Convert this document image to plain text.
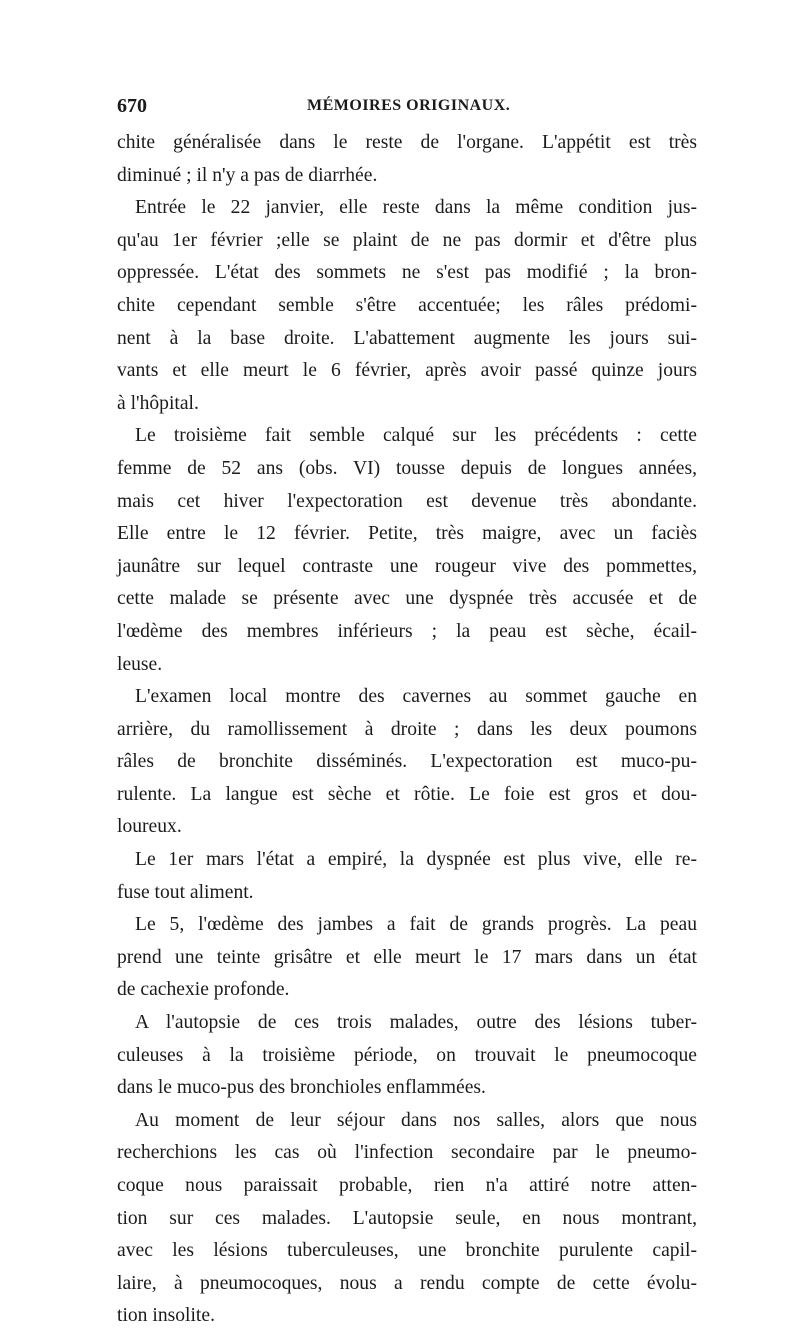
670	MÉMOIRES ORIGINAUX.
chite généralisée dans le reste de l'organe. L'appétit est très
diminué ; il n'y a pas de diarrhée.
Entrée le 22 janvier, elle reste dans la même condition jus-
qu'au 1er février ;elle se plaint de ne pas dormir et d'être plus
oppressée. L'état des sommets ne s'est pas modifié ; la bron-
chite cependant semble s'être accentuée; les râles prédomi-
nent à la base droite. L'abattement augmente les jours sui-
vants et elle meurt le 6 février, après avoir passé quinze jours
à l'hôpital.
Le troisième fait semble calqué sur les précédents : cette
femme de 52 ans (obs. VI) tousse depuis de longues années,
mais cet hiver l'expectoration est devenue très abondante.
Elle entre le 12 février. Petite, très maigre, avec un faciès
jaunâtre sur lequel contraste une rougeur vive des pommettes,
cette malade se présente avec une dyspnée très accusée et de
l'œdème des membres inférieurs ; la peau est sèche, écail-
leuse.
L'examen local montre des cavernes au sommet gauche en
arrière, du ramollissement à droite ; dans les deux poumons
râles de bronchite disséminés. L'expectoration est muco-pu-
rulente. La langue est sèche et rôtie. Le foie est gros et dou-
loureux.
Le 1er mars l'état a empiré, la dyspnée est plus vive, elle re-
fuse tout aliment.
Le 5, l'œdème des jambes a fait de grands progrès. La peau
prend une teinte grisâtre et elle meurt le 17 mars dans un état
de cachexie profonde.
A l'autopsie de ces trois malades, outre des lésions tuber-
culeuses à la troisième période, on trouvait le pneumocoque
dans le muco-pus des bronchioles enflammées.
Au moment de leur séjour dans nos salles, alors que nous
recherchions les cas où l'infection secondaire par le pneumo-
coque nous paraissait probable, rien n'a attiré notre atten-
tion sur ces malades. L'autopsie seule, en nous montrant,
avec les lésions tuberculeuses, une bronchite purulente capil-
laire, à pneumocoques, nous a rendu compte de cette évolu-
tion insolite.
